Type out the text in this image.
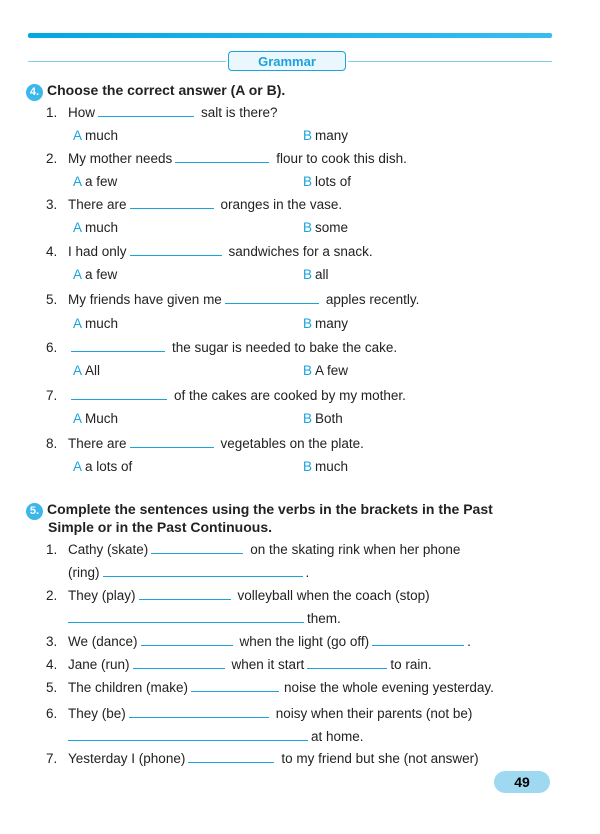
Grammar
4. Choose the correct answer (A or B).
1. How	salt is there?
A much	B many
2. My mother needs	flour to cook this dish.
A a few	B lots of
3. There are	oranges in the vase.
A much	B some
4. I had only	sandwiches for a snack.
A a few	B all
5. My friends have given me	apples recently.
A much	B many
6.	the sugar is needed to bake the cake.
A All	B A few
7.	of the cakes are cooked by my mother.
A Much	B Both
8. There are	vegetables on the plate.
A a lots of	B much
5. Complete the sentences using the verbs in the brackets in the Past
Simple or in the Past Continuous.
1. Cathy (skate)	on the skating rink when her phone
(ring)	.
2. They (play)	volleyball when the coach (stop)
them.
3. We (dance)	when the light (go off)	.
4. Jane (run)	when it start	to rain.
5. The children (make)	noise the whole evening yesterday.
6. They (be)	noisy when their parents (not be)
at home.
7. Yesterday I (phone)	to my friend but she (not answer)
49
